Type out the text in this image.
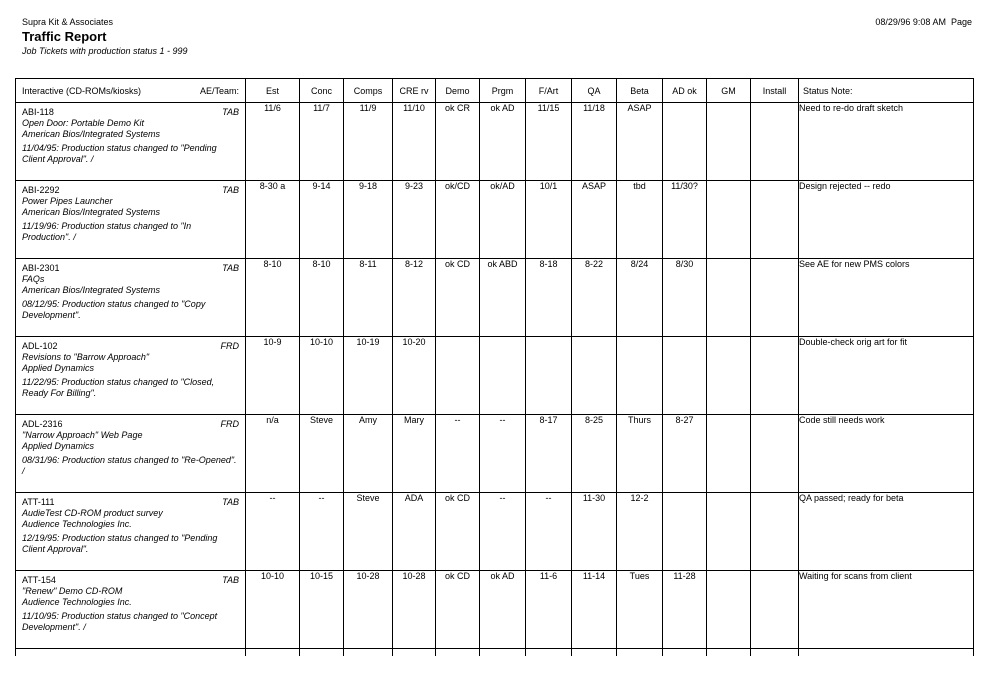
Supra Kit & Associates
Traffic Report
Job Tickets with production status 1 - 999
08/29/96 9:08 AM Page
Interactive (CD-ROMs/kiosks) AE/Team:	Est	Conc	Comps	CRE rv	Demo	Prgm	F/Art	QA	Beta	AD ok	GM	Install	Status Note:

ABI-118 TAB
Open Door: Portable Demo Kit
American Bios/Integrated Systems
11/04/95: Production status changed to "Pending Client Approval". /	11/6	11/7	11/9	11/10	ok CR	ok AD	11/15	11/18	ASAP				Need to re-do draft sketch

ABI-2292 TAB
Power Pipes Launcher
American Bios/Integrated Systems
11/19/96: Production status changed to "In Production". /	8-30 a	9-14	9-18	9-23	ok/CD	ok/AD	10/1	ASAP	tbd	11/30?			Design rejected -- redo

ABI-2301 TAB
FAQs
American Bios/Integrated Systems
08/12/95: Production status changed to "Copy Development".	8-10	8-10	8-11	8-12	ok CD	ok ABD	8-18	8-22	8/24	8/30			See AE for new PMS colors

ADL-102 FRD
Revisions to "Barrow Approach"
Applied Dynamics
11/22/95: Production status changed to "Closed, Ready For Billing".	10-9	10-10	10-19	10-20									Double-check orig art for fit

ADL-2316 FRD
"Narrow Approach" Web Page
Applied Dynamics
08/31/96: Production status changed to "Re-Opened". /	n/a	Steve	Amy	Mary	--	--	8-17	8-25	Thurs	8-27			Code still needs work

ATT-111 TAB
AudieTest CD-ROM product survey
Audience Technologies Inc.
12/19/95: Production status changed to "Pending Client Approval".	--	--	Steve	ADA	ok CD	--	--	11-30	12-2				QA passed; ready for beta

ATT-154 TAB
"Renew" Demo CD-ROM
Audience Technologies Inc.
11/10/95: Production status changed to "Concept Development". /	10-10	10-15	10-28	10-28	ok CD	ok AD	11-6	11-14	Tues	11-28			Waiting for scans from client
